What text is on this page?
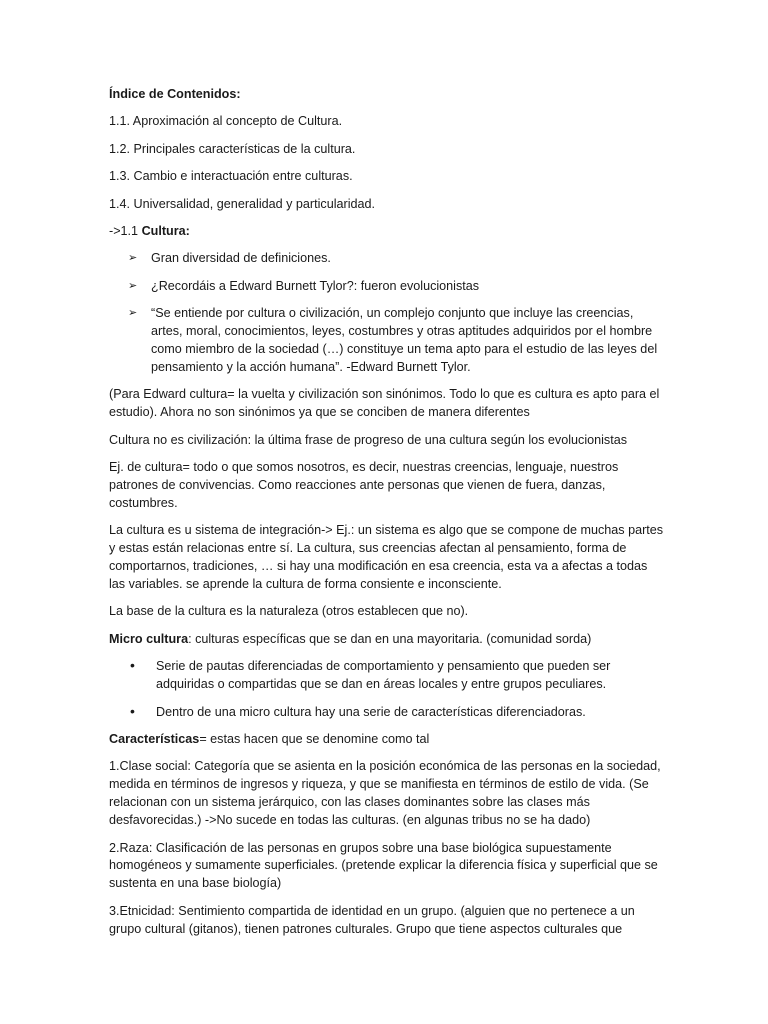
Índice de Contenidos:

1.1. Aproximación al concepto de Cultura.

1.2. Principales características de la cultura.

1.3. Cambio e interactuación entre culturas.

1.4. Universalidad, generalidad y particularidad.

->1.1 Cultura:

➢ Gran diversidad de definiciones.
➢ ¿Recordáis a Edward Burnett Tylor?: fueron evolucionistas
➢ “Se entiende por cultura o civilización, un complejo conjunto que incluye las creencias, artes, moral, conocimientos, leyes, costumbres y otras aptitudes adquiridos por el hombre como miembro de la sociedad (…) constituye un tema apto para el estudio de las leyes del pensamiento y la acción humana”. -Edward Burnett Tylor.

(Para Edward cultura= la vuelta y civilización son sinónimos. Todo lo que es cultura es apto para el estudio). Ahora no son sinónimos ya que se conciben de manera diferentes

Cultura no es civilización: la última frase de progreso de una cultura según los evolucionistas

Ej. de cultura= todo o que somos nosotros, es decir, nuestras creencias, lenguaje, nuestros patrones de convivencias. Como reacciones ante personas que vienen de fuera, danzas, costumbres.

La cultura es u sistema de integración-> Ej.: un sistema es algo que se compone de muchas partes y estas están relacionas entre sí. La cultura, sus creencias afectan al pensamiento, forma de comportarnos, tradiciones, … si hay una modificación en esa creencia, esta va a afectas a todas las variables. se aprende la cultura de forma consiente e inconsciente.

La base de la cultura es la naturaleza (otros establecen que no).

Micro cultura: culturas específicas que se dan en una mayoritaria. (comunidad sorda)

• Serie de pautas diferenciadas de comportamiento y pensamiento que pueden ser adquiridas o compartidas que se dan en áreas locales y entre grupos peculiares.
• Dentro de una micro cultura hay una serie de características diferenciadoras.

Características= estas hacen que se denomine como tal

1.Clase social: Categoría que se asienta en la posición económica de las personas en la sociedad, medida en términos de ingresos y riqueza, y que se manifiesta en términos de estilo de vida. (Se relacionan con un sistema jerárquico, con las clases dominantes sobre las clases más desfavorecidas.) ->No sucede en todas las culturas. (en algunas tribus no se ha dado)

2.Raza: Clasificación de las personas en grupos sobre una base biológica supuestamente homogéneos y sumamente superficiales. (pretende explicar la diferencia física y superficial que se sustenta en una base biología)

3.Etnicidad: Sentimiento compartida de identidad en un grupo. (alguien que no pertenece a un grupo cultural (gitanos), tienen patrones culturales. Grupo que tiene aspectos culturales que
